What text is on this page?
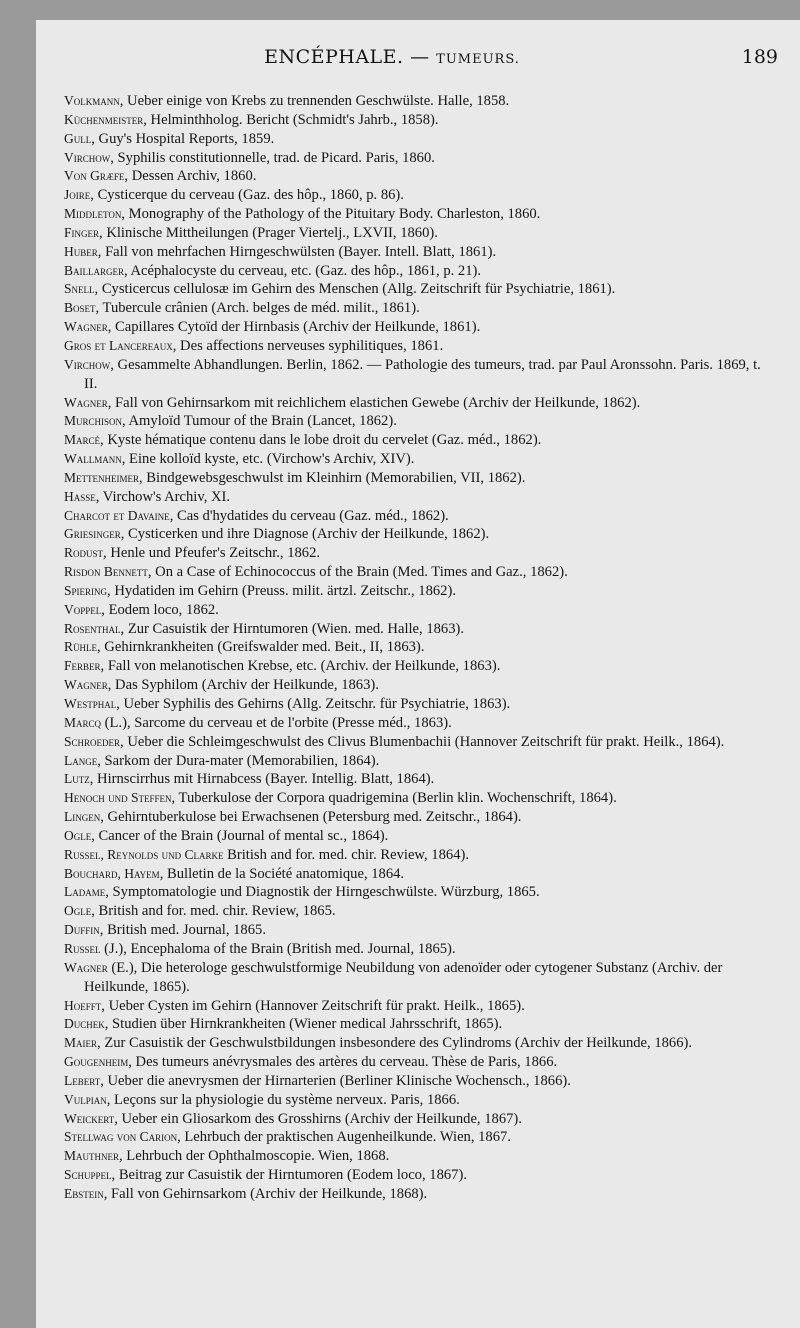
ENCÉPHALE. — TUMEURS.	189
Volkmann, Ueber einige von Krebs zu trennenden Geschwülste. Halle, 1858.
Küchenmeister, Helminthholog. Bericht (Schmidt's Jahrb., 1858).
Gull, Guy's Hospital Reports, 1859.
Virchow, Syphilis constitutionnelle, trad. de Picard. Paris, 1860.
Von Græfe, Dessen Archiv, 1860.
Joire, Cysticerque du cerveau (Gaz. des hôp., 1860, p. 86).
Middleton, Monography of the Pathology of the Pituitary Body. Charleston, 1860.
Finger, Klinische Mittheilungen (Prager Viertelj., LXVII, 1860).
Huber, Fall von mehrfachen Hirngeschwülsten (Bayer. Intell. Blatt, 1861).
Baillarger, Acéphalocyste du cerveau, etc. (Gaz. des hôp., 1861, p. 21).
Snell, Cysticercus cellulosæ im Gehirn des Menschen (Allg. Zeitschrift für Psychiatrie, 1861).
Boset, Tubercule crânien (Arch. belges de méd. milit., 1861).
Wagner, Capillares Cytoïd der Hirnbasis (Archiv der Heilkunde, 1861).
Gros et Lancereaux, Des affections nerveuses syphilitiques, 1861.
Virchow, Gesammelte Abhandlungen. Berlin, 1862. — Pathologie des tumeurs, trad. par Paul Aronssohn. Paris. 1869, t. II.
Wagner, Fall von Gehirnsarkom mit reichlichem elastichen Gewebe (Archiv der Heilkunde, 1862).
Murchison, Amyloïd Tumour of the Brain (Lancet, 1862).
Marcé, Kyste hématique contenu dans le lobe droit du cervelet (Gaz. méd., 1862).
Wallmann, Eine kolloïd kyste, etc. (Virchow's Archiv, XIV).
Mettenheimer, Bindgewebsgeschwulst im Kleinhirn (Memorabilien, VII, 1862).
Hasse, Virchow's Archiv, XI.
Charcot et Davaine, Cas d'hydatides du cerveau (Gaz. méd., 1862).
Griesinger, Cysticerken und ihre Diagnose (Archiv der Heilkunde, 1862).
Rodust, Henle und Pfeufer's Zeitschr., 1862.
Risdon Bennett, On a Case of Echinococcus of the Brain (Med. Times and Gaz., 1862).
Spiering, Hydatiden im Gehirn (Preuss. milit. ärtzl. Zeitschr., 1862).
Voppel, Eodem loco, 1862.
Rosenthal, Zur Casuistik der Hirntumoren (Wien. med. Halle, 1863).
Rühle, Gehirnkrankheiten (Greifswalder med. Beit., II, 1863).
Ferber, Fall von melanotischen Krebse, etc. (Archiv. der Heilkunde, 1863).
Wagner, Das Syphilom (Archiv der Heilkunde, 1863).
Westphal, Ueber Syphilis des Gehirns (Allg. Zeitschr. für Psychiatrie, 1863).
Marcq (L.), Sarcome du cerveau et de l'orbite (Presse méd., 1863).
Schroeder, Ueber die Schleimgeschwulst des Clivus Blumenbachii (Hannover Zeitschrift für prakt. Heilk., 1864).
Lange, Sarkom der Dura-mater (Memorabilien, 1864).
Lutz, Hirnscirrhus mit Hirnabcess (Bayer. Intellig. Blatt, 1864).
Henoch und Steffen, Tuberkulose der Corpora quadrigemina (Berlin klin. Wochenschrift, 1864).
Lingen, Gehirntuberkulose bei Erwachsenen (Petersburg med. Zeitschr., 1864).
Ogle, Cancer of the Brain (Journal of mental sc., 1864).
Russel, Reynolds und Clarke British and for. med. chir. Review, 1864).
Bouchard, Hayem, Bulletin de la Société anatomique, 1864.
Ladame, Symptomatologie und Diagnostik der Hirngeschwülste. Würzburg, 1865.
Ogle, British and for. med. chir. Review, 1865.
Duffin, British med. Journal, 1865.
Russel (J.), Encephaloma of the Brain (British med. Journal, 1865).
Wagner (E.), Die heterologe geschwulstformige Neubildung von adenoïder oder cytogener Substanz (Archiv. der Heilkunde, 1865).
Hoefft, Ueber Cysten im Gehirn (Hannover Zeitschrift für prakt. Heilk., 1865).
Duchek, Studien über Hirnkrankheiten (Wiener medical Jahrsschrift, 1865).
Maier, Zur Casuistik der Geschwulstbildungen insbesondere des Cylindroms (Archiv der Heilkunde, 1866).
Gougenheim, Des tumeurs anévrysmales des artères du cerveau. Thèse de Paris, 1866.
Lebert, Ueber die anevrysmen der Hirnarterien (Berliner Klinische Wochensch., 1866).
Vulpian, Leçons sur la physiologie du système nerveux. Paris, 1866.
Weickert, Ueber ein Gliosarkom des Grosshirns (Archiv der Heilkunde, 1867).
Stellwag von Carion, Lehrbuch der praktischen Augenheilkunde. Wien, 1867.
Mauthner, Lehrbuch der Ophthalmoscopie. Wien, 1868.
Schuppel, Beitrag zur Casuistik der Hirntumoren (Eodem loco, 1867).
Ebstein, Fall von Gehirnsarkom (Archiv der Heilkunde, 1868).
